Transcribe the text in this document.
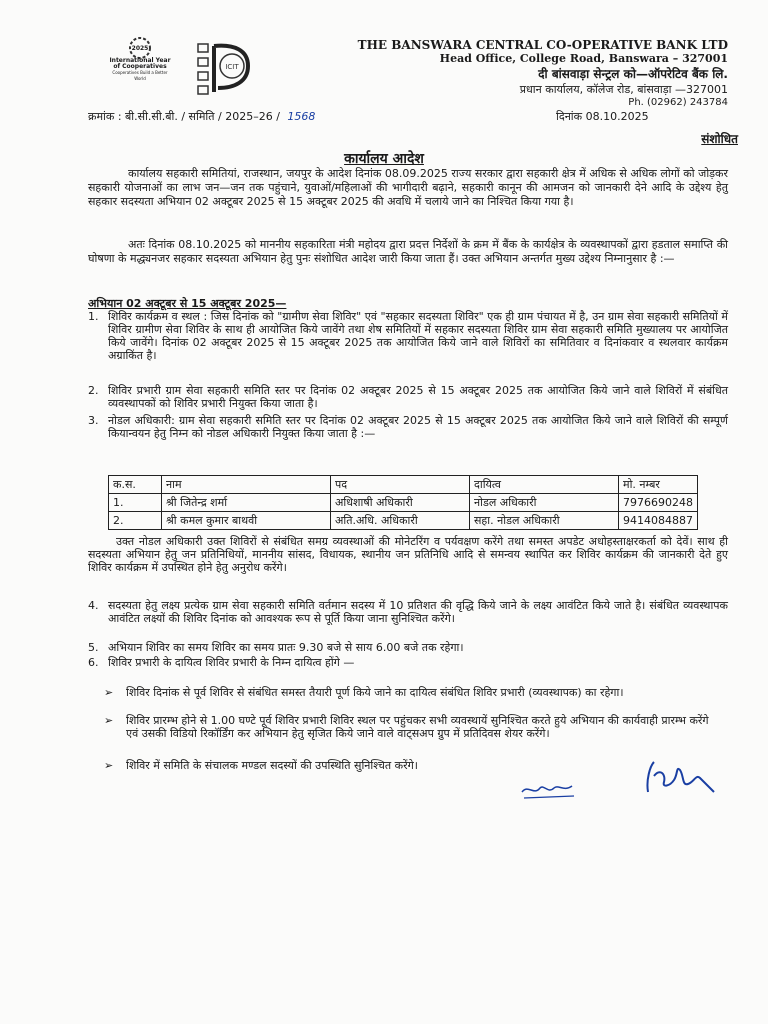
2025
International Year of Cooperatives
Cooperatives Build a Better World
ICIT
THE BANSWARA CENTRAL CO-OPERATIVE BANK LTD
Head Office, College Road, Banswara – 327001
दी बांसवाड़ा सेन्ट्रल को—ऑपरेटिव बैंक लि.
प्रधान कार्यालय, कॉलेज रोड, बांसवाड़ा —327001
Ph. (02962) 243784
क्रमांक : बी.सी.सी.बी. / समिति / 2025–26 / 1568	दिनांक 08.10.2025
संशोधित
कार्यालय आदेश
कार्यालय सहकारी समितियां, राजस्थान, जयपुर के आदेश दिनांक 08.09.2025 राज्य सरकार द्वारा सहकारी क्षेत्र में अधिक से अधिक लोगों को जोड़कर सहकारी योजनाओं का लाभ जन—जन तक पहुंचाने, युवाओं/महिलाओं की भागीदारी बढ़ाने, सहकारी कानून की आमजन को जानकारी देने आदि के उद्देश्य हेतु सहकार सदस्यता अभियान 02 अक्टूबर 2025 से 15 अक्टूबर 2025 की अवधि में चलाये जाने का निश्चित किया गया है।
अतः दिनांक 08.10.2025 को माननीय सहकारिता मंत्री महोदय द्वारा प्रदत्त निर्देशों के क्रम में बैंक के कार्यक्षेत्र के व्यवस्थापकों द्वारा हडताल समाप्ति की घोषणा के मद्ध्यनजर सहकार सदस्यता अभियान हेतु पुनः संशोधित आदेश जारी किया जाता हैं। उक्त अभियान अन्तर्गत मुख्य उद्देश्य निम्नानुसार है :—
अभियान 02 अक्टूबर से 15 अक्टूबर 2025—
1. शिविर कार्यक्रम व स्थल : जिस दिनांक को "ग्रामीण सेवा शिविर" एवं "सहकार सदस्यता शिविर" एक ही ग्राम पंचायत में है, उन ग्राम सेवा सहकारी समितियों में शिविर ग्रामीण सेवा शिविर के साथ ही आयोजित किये जावेंगे तथा शेष समितियों में सहकार सदस्यता शिविर ग्राम सेवा सहकारी समिति मुख्यालय पर आयोजित किये जावेंगे। दिनांक 02 अक्टूबर 2025 से 15 अक्टूबर 2025 तक आयोजित किये जाने वाले शिविरों का समितिवार व दिनांकवार व स्थलवार कार्यक्रम अग्राकिंत है।
2. शिविर प्रभारी ग्राम सेवा सहकारी समिति स्तर पर दिनांक 02 अक्टूबर 2025 से 15 अक्टूबर 2025 तक आयोजित किये जाने वाले शिविरों में संबंधित व्यवस्थापकों को शिविर प्रभारी नियुक्त किया जाता है।
3. नोडल अधिकारी: ग्राम सेवा सहकारी समिति स्तर पर दिनांक 02 अक्टूबर 2025 से 15 अक्टूबर 2025 तक आयोजित किये जाने वाले शिविरों की सम्पूर्ण कियान्वयन हेतु निम्न को नोडल अधिकारी नियुक्त किया जाता है :—
क.स.	नाम	पद	दायित्व	मो. नम्बर
1.	श्री जितेन्द्र शर्मा	अधिशाषी अधिकारी	नोडल अधिकारी	7976690248
2.	श्री कमल कुमार बाथवी	अति.अधि. अधिकारी	सहा. नोडल अधिकारी	9414084887
उक्त नोडल अधिकारी उक्त शिविरों से संबंधित समग्र व्यवस्थाओं की मोनेटरिंग व पर्यवक्षण करेंगे तथा समस्त अपडेट अधोहस्ताक्षरकर्ता को देवें। साथ ही सदस्यता अभियान हेतु जन प्रतिनिधियों, माननीय सांसद, विधायक, स्थानीय जन प्रतिनिधि आदि से समन्वय स्थापित कर शिविर कार्यक्रम की जानकारी देते हुए शिविर कार्यक्रम में उपस्थित होने हेतु अनुरोध करेंगे।
4. सदस्यता हेतु लक्ष्य प्रत्येक ग्राम सेवा सहकारी समिति वर्तमान सदस्य में 10 प्रतिशत की वृद्धि किये जाने के लक्ष्य आवंटित किये जाते है। संबंधित व्यवस्थापक आवंटित लक्ष्यों की शिविर दिनांक को आवश्यक रूप से पूर्ति किया जाना सुनिश्चित करेंगे।
5. अभियान शिविर का समय शिविर का समय प्रातः 9.30 बजे से साय 6.00 बजे तक रहेगा।
6. शिविर प्रभारी के दायित्व शिविर प्रभारी के निम्न दायित्व होंगे —
➢ शिविर दिनांक से पूर्व शिविर से संबंधित समस्त तैयारी पूर्ण किये जाने का दायित्व संबंधित शिविर प्रभारी (व्यवस्थापक) का रहेगा।
➢ शिविर प्रारम्भ होने से 1.00 घण्टे पूर्व शिविर प्रभारी शिविर स्थल पर पहुंचकर सभी व्यवस्थायें सुनिश्चित करते हुये अभियान की कार्यवाही प्रारम्भ करेंगे एवं उसकी विडियो रिकॉर्डिंग कर अभियान हेतु सृजित किये जाने वाले वाट्सअप ग्रुप में प्रतिदिवस शेयर करेंगे।
➢ शिविर में समिति के संचालक मण्डल सदस्यों की उपस्थिति सुनिश्चित करेंगे।
